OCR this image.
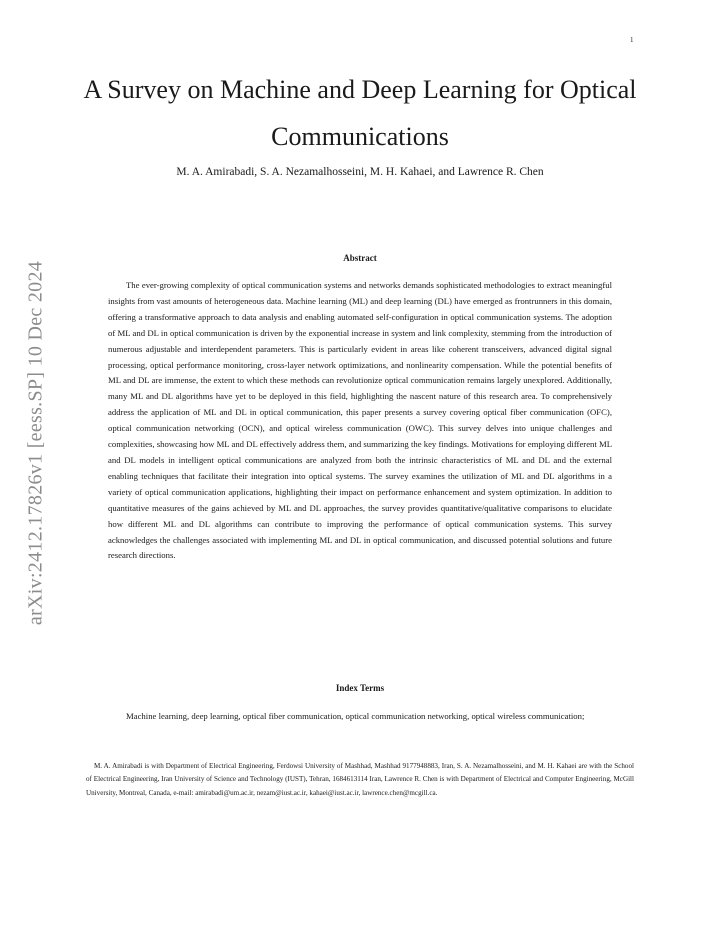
1
arXiv:2412.17826v1 [eess.SP] 10 Dec 2024
A Survey on Machine and Deep Learning for Optical Communications
M. A. Amirabadi, S. A. Nezamalhosseini, M. H. Kahaei, and Lawrence R. Chen
Abstract

The ever-growing complexity of optical communication systems and networks demands sophisticated methodologies to extract meaningful insights from vast amounts of heterogeneous data. Machine learning (ML) and deep learning (DL) have emerged as frontrunners in this domain, offering a transformative approach to data analysis and enabling automated self-configuration in optical communication systems. The adoption of ML and DL in optical communication is driven by the exponential increase in system and link complexity, stemming from the introduction of numerous adjustable and interdependent parameters. This is particularly evident in areas like coherent transceivers, advanced digital signal processing, optical performance monitoring, cross-layer network optimizations, and nonlinearity compensation. While the potential benefits of ML and DL are immense, the extent to which these methods can revolutionize optical communication remains largely unexplored. Additionally, many ML and DL algorithms have yet to be deployed in this field, highlighting the nascent nature of this research area. To comprehensively address the application of ML and DL in optical communication, this paper presents a survey covering optical fiber communication (OFC), optical communication networking (OCN), and optical wireless communication (OWC). This survey delves into unique challenges and complexities, showcasing how ML and DL effectively address them, and summarizing the key findings. Motivations for employing different ML and DL models in intelligent optical communications are analyzed from both the intrinsic characteristics of ML and DL and the external enabling techniques that facilitate their integration into optical systems. The survey examines the utilization of ML and DL algorithms in a variety of optical communication applications, highlighting their impact on performance enhancement and system optimization. In addition to quantitative measures of the gains achieved by ML and DL approaches, the survey provides quantitative/qualitative comparisons to elucidate how different ML and DL algorithms can contribute to improving the performance of optical communication systems. This survey acknowledges the challenges associated with implementing ML and DL in optical communication, and discussed potential solutions and future research directions.

Index Terms

Machine learning, deep learning, optical fiber communication, optical communication networking, optical wireless communication;

M. A. Amirabadi is with Department of Electrical Engineering, Ferdowsi University of Mashhad, Mashhad 9177948883, Iran, S. A. Nezamalhosseini, and M. H. Kahaei are with the School of Electrical Engineering, Iran University of Science and Technology (IUST), Tehran, 1684613114 Iran, Lawrence R. Chen is with Department of Electrical and Computer Engineering, McGill University, Montreal, Canada, e-mail: amirabadi@um.ac.ir, nezam@iust.ac.ir, kahaei@iust.ac.ir, lawrence.chen@mcgill.ca.
